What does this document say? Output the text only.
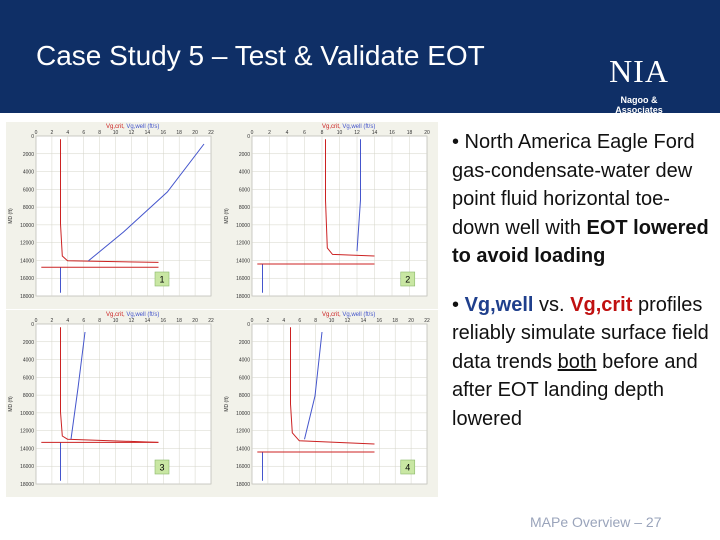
Case Study 5 – Test & Validate EOT	NIA
Nagoo & Associates
Vg,crit, Vg,well (ft/s)
0	2	4	6	8 10 12 14 16 18 20 22
0
2000
4000
6000
8000
10000
12000
14000
16000
18000
MD (ft)
1
Vg,crit, Vg,well (ft/s)
0	2	4	6	8	10 12 14 16 18 20
0
2000
4000
6000
8000
10000
12000
14000
16000
18000
MD (ft)
2
Vg,crit, Vg,well (ft/s)
0	2	4	6	8 10 12 14 16 18 20 22
0
2000
4000
6000
8000
10000
12000
14000
16000
18000
MD (ft)
3
Vg,crit, Vg,well (ft/s)
0	2	4	6	8 10 12 14 16 18 20 22
0
2000
4000
6000
8000
10000
12000
14000
16000
18000
MD (ft)
4

• North America Eagle Ford gas-condensate-water dew point fluid horizontal toe-down well with EOT lowered to avoid loading

• Vg,well vs. Vg,crit profiles reliably simulate surface field data trends both before and after EOT landing depth lowered

MAPe Overview – 27
